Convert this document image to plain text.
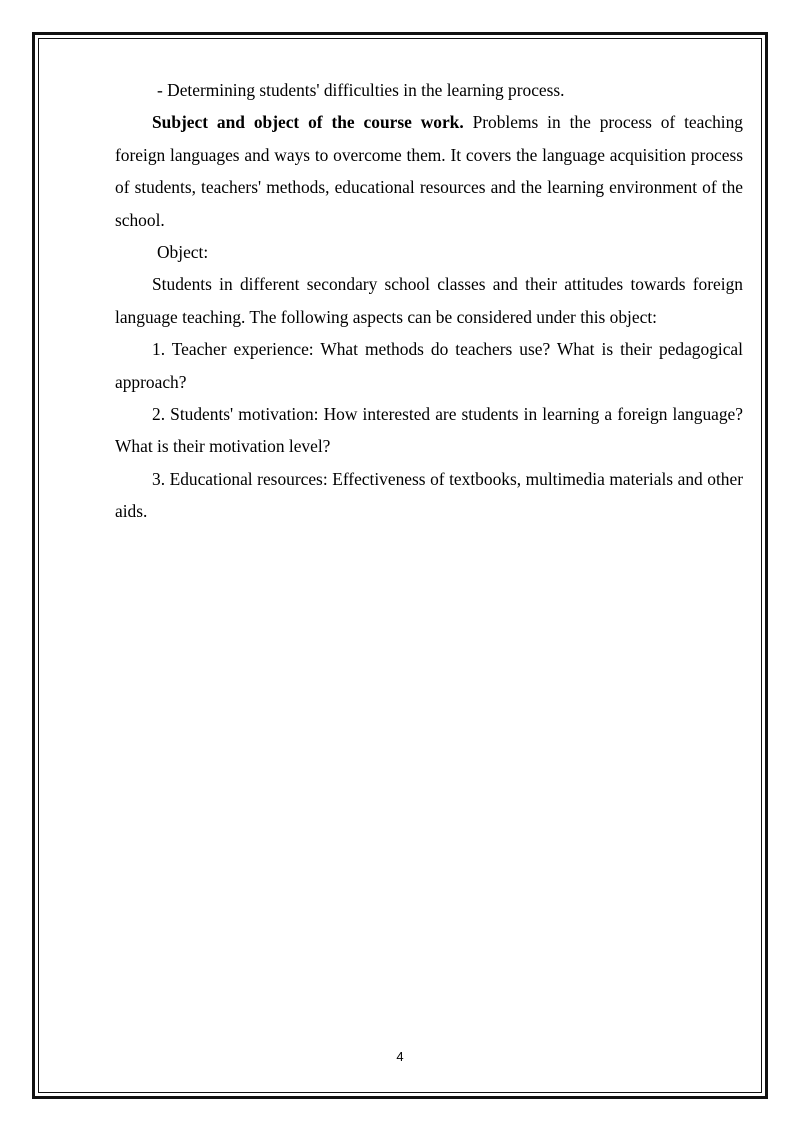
- Determining students' difficulties in the learning process.

Subject and object of the course work. Problems in the process of teaching foreign languages and ways to overcome them. It covers the language acquisition process of students, teachers' methods, educational resources and the learning environment of the school.

Object:

Students in different secondary school classes and their attitudes towards foreign language teaching. The following aspects can be considered under this object:

1. Teacher experience: What methods do teachers use? What is their pedagogical approach?

2. Students' motivation: How interested are students in learning a foreign language? What is their motivation level?

3. Educational resources: Effectiveness of textbooks, multimedia materials and other aids.

4
